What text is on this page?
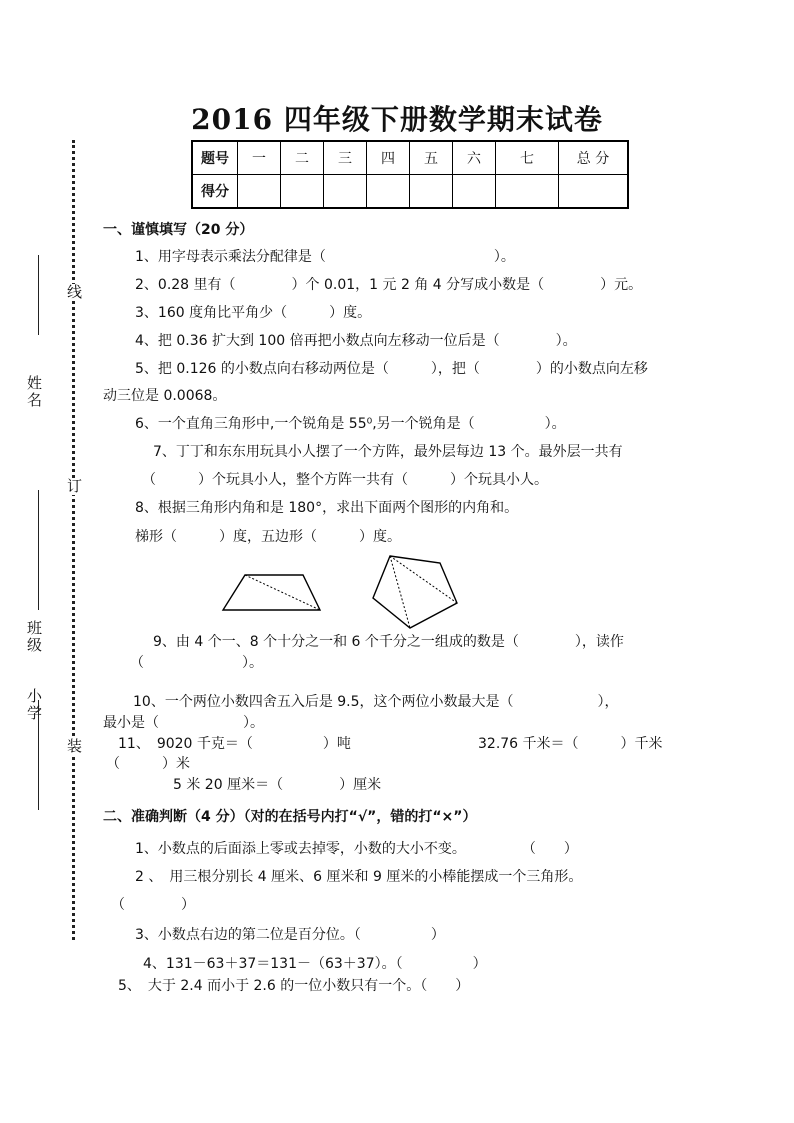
姓名
班级
小学
线
订
装
2016 四年级下册数学期末试卷
题号	一	二	三	四	五	六	七	总 分
得分								
一、谨慎填写（20 分）
1、用字母表示乘法分配律是（　　　　　　　　　　　　）。
2、0.28 里有（　　　　）个 0.01，1 元 2 角 4 分写成小数是（　　　　）元。
3、160 度角比平角少（　　　）度。
4、把 0.36 扩大到 100 倍再把小数点向左移动一位后是（　　　　）。
5、把 0.126 的小数点向右移动两位是（　　　），把（　　　　）的小数点向左移
动三位是 0.0068。
6、一个直角三角形中,一个锐角是 55⁰,另一个锐角是（　　　　　）。
7、丁丁和东东用玩具小人摆了一个方阵，最外层每边 13 个。最外层一共有
（　　　）个玩具小人，整个方阵一共有（　　　）个玩具小人。
8、根据三角形内角和是 180°，求出下面两个图形的内角和。
梯形（　　　）度，五边形（　　　）度。
9、由 4 个一、8 个十分之一和 6 个千分之一组成的数是（　　　　），读作
（　　　　　　　）。
10、一个两位小数四舍五入后是 9.5，这个两位小数最大是（　　　　　　），
最小是（　　　　　　）。
11、　9020 千克＝（　　　　　）吨	32.76 千米＝（　　　）千米
（　　　）米
5 米 20 厘米＝（　　　　）厘米
二、准确判断（4 分）（对的在括号内打“√”，错的打“×”）
1、小数点的后面添上零或去掉零，小数的大小不变。　　　　　（　　）
2 、　用三根分别长 4 厘米、6 厘米和 9 厘米的小棒能摆成一个三角形。
（　　　　）
3、小数点右边的第二位是百分位。（　　　　　）
4、131－63＋37＝131－（63＋37）。（　　　　　）
5、　大于 2.4 而小于 2.6 的一位小数只有一个。（　　）
